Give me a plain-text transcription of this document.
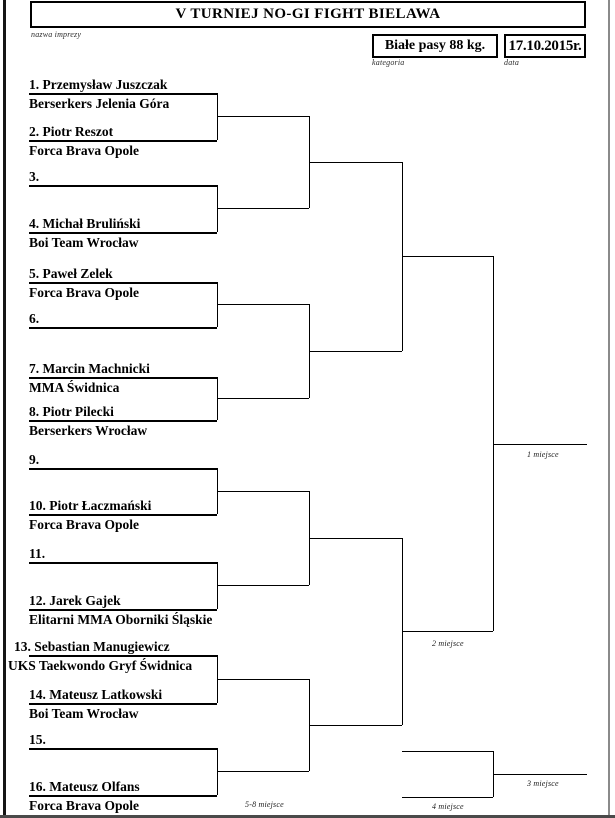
V TURNIEJ NO-GI FIGHT BIELAWA
nazwa imprezy
Białe pasy 88 kg.
kategoria
17.10.2015r.
data
1. Przemysław Juszczak
2. Piotr Reszot
3.
4. Michał Bruliński
5. Paweł Zelek
6.
7. Marcin Machnicki
8. Piotr Pilecki
9.
10. Piotr Łaczmański
11.
12. Jarek Gajek
13. Sebastian Manugiewicz
14. Mateusz Latkowski
15.
16. Mateusz Olfans
Berserkers Jelenia Góra
Forca Brava Opole
Boi Team Wrocław
Forca Brava Opole
MMA Świdnica
Berserkers Wrocław
Forca Brava Opole
Elitarni MMA Oborniki Śląskie
UKS Taekwondo Gryf Świdnica
Boi Team Wrocław
Forca Brava Opole
1 miejsce
2 miejsce
3 miejsce
4 miejsce
5-8 miejsce
